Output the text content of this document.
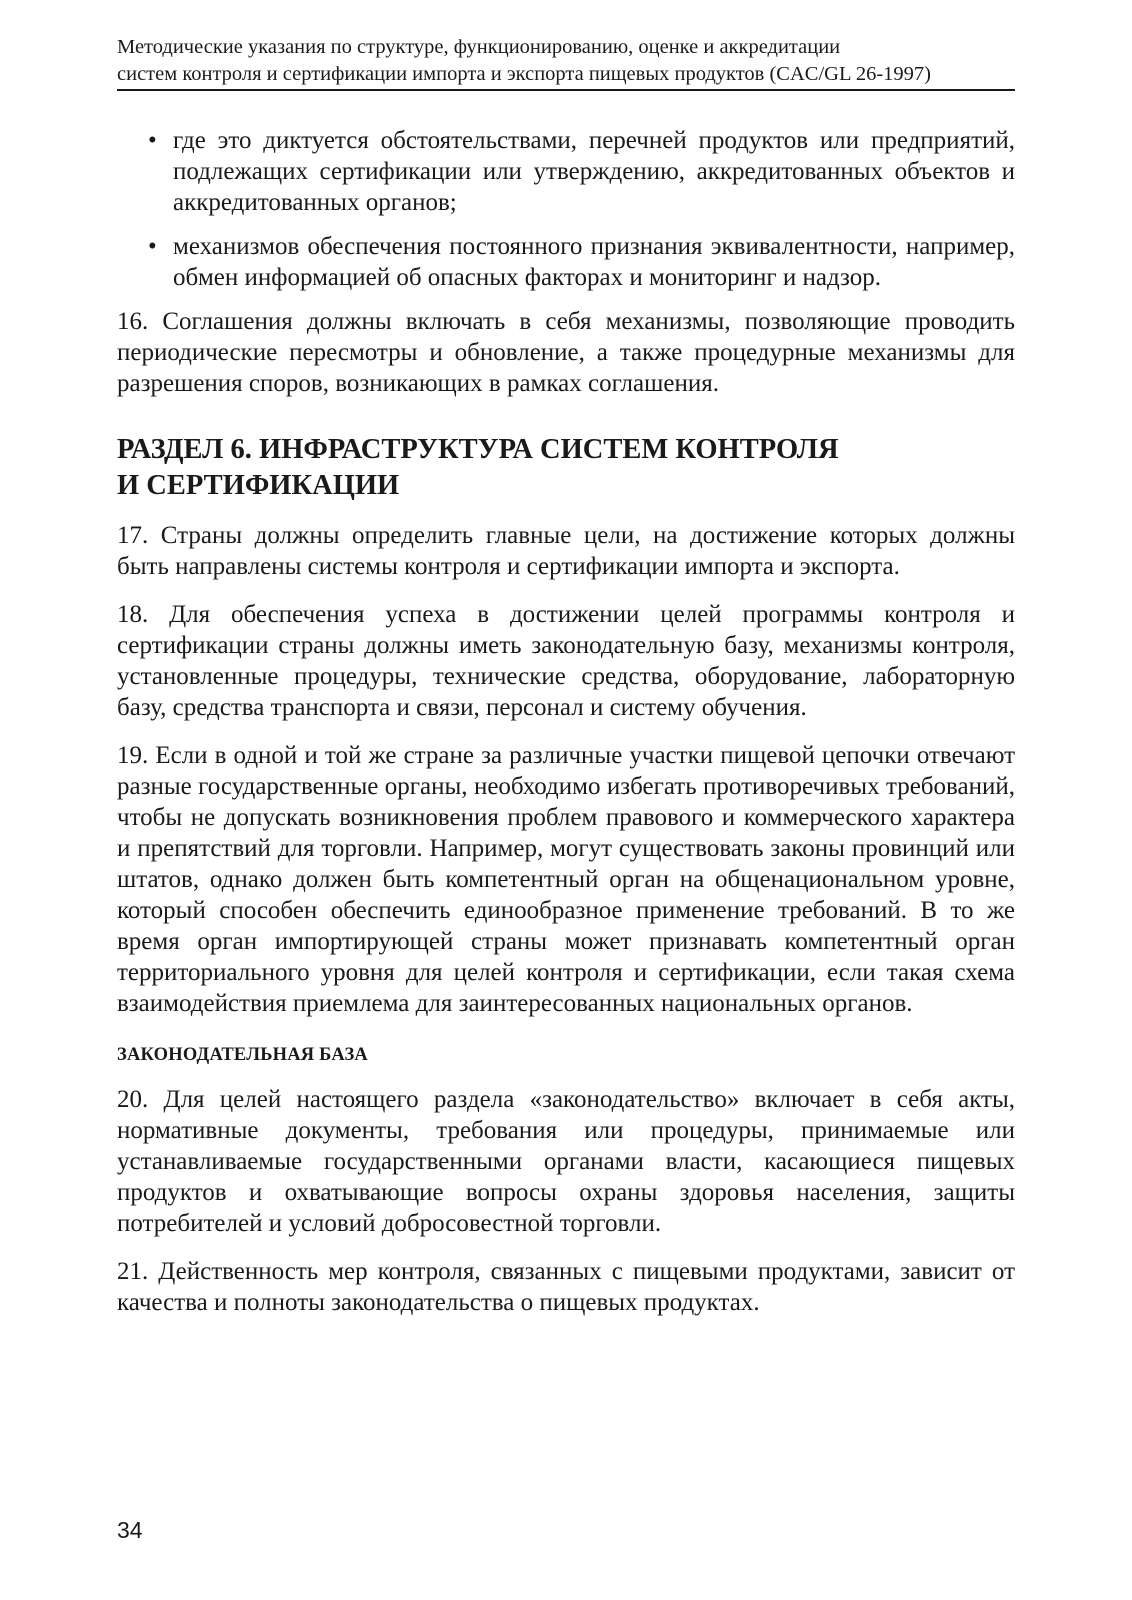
Методические указания по структуре, функционированию, оценке и аккредитации
систем контроля и сертификации импорта и экспорта пищевых продуктов (CAC/GL 26-1997)
• где это диктуется обстоятельствами, перечней продуктов или предприятий, подлежащих сертификации или утверждению, аккредитованных объектов и аккредитованных органов;
• механизмов обеспечения постоянного признания эквивалентности, например, обмен информацией об опасных факторах и мониторинг и надзор.

16. Соглашения должны включать в себя механизмы, позволяющие проводить периодические пересмотры и обновление, а также процедурные механизмы для разрешения споров, возникающих в рамках соглашения.

РАЗДЕЛ 6. ИНФРАСТРУКТУРА СИСТЕМ КОНТРОЛЯ
И СЕРТИФИКАЦИИ

17. Страны должны определить главные цели, на достижение которых должны быть направлены системы контроля и сертификации импорта и экспорта.

18. Для обеспечения успеха в достижении целей программы контроля и сертификации страны должны иметь законодательную базу, механизмы контроля, установленные процедуры, технические средства, оборудование, лабораторную базу, средства транспорта и связи, персонал и систему обучения.

19. Если в одной и той же стране за различные участки пищевой цепочки отвечают разные государственные органы, необходимо избегать противоречивых требований, чтобы не допускать возникновения проблем правового и коммерческого характера и препятствий для торговли. Например, могут существовать законы провинций или штатов, однако должен быть компетентный орган на общенациональном уровне, который способен обеспечить единообразное применение требований. В то же время орган импортирующей страны может признавать компетентный орган территориального уровня для целей контроля и сертификации, если такая схема взаимодействия приемлема для заинтересованных национальных органов.

ЗАКОНОДАТЕЛЬНАЯ БАЗА

20. Для целей настоящего раздела «законодательство» включает в себя акты, нормативные документы, требования или процедуры, принимаемые или устанавливаемые государственными органами власти, касающиеся пищевых продуктов и охватывающие вопросы охраны здоровья населения, защиты потребителей и условий добросовестной торговли.

21. Действенность мер контроля, связанных с пищевыми продуктами, зависит от качества и полноты законодательства о пищевых продуктах.

34
